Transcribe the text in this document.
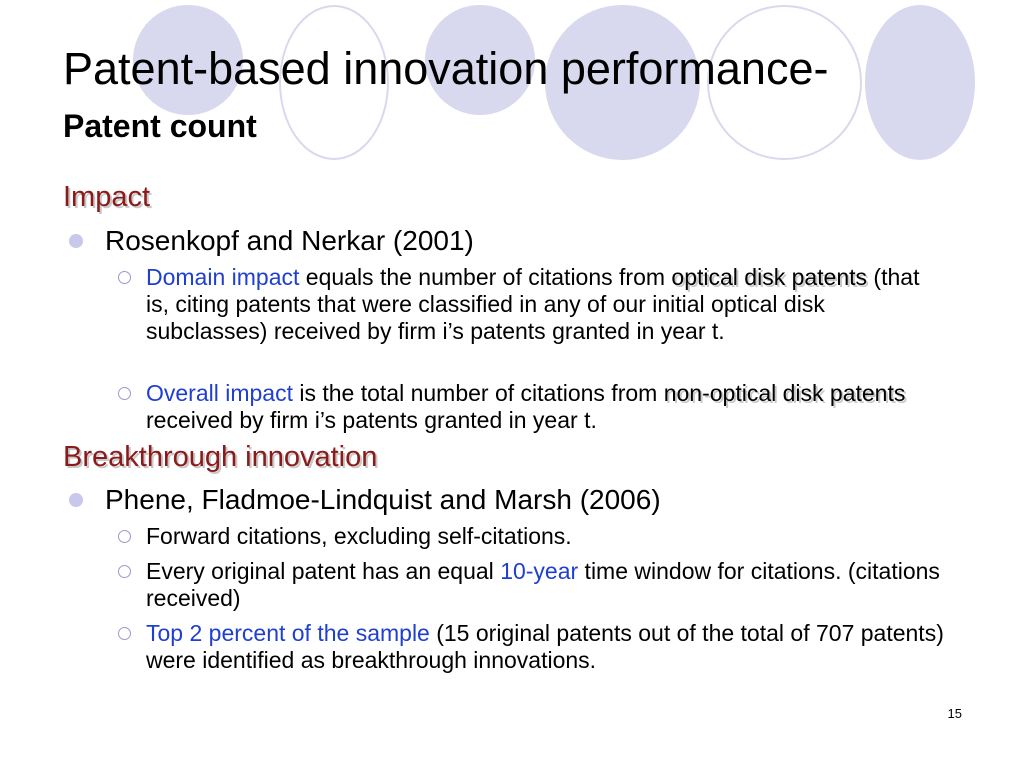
Patent-based innovation performance-
Patent count
Impact
Rosenkopf and Nerkar (2001)
Domain impact equals the number of citations from optical disk patents (that is, citing patents that were classified in any of our initial optical disk subclasses) received by firm i’s patents granted in year t.
Overall impact is the total number of citations from non-optical disk patents received by firm i’s patents granted in year t.
Breakthrough innovation
Phene, Fladmoe-Lindquist and Marsh (2006)
Forward citations, excluding self-citations.
Every original patent has an equal 10-year time window for citations. (citations received)
Top 2 percent of the sample (15 original patents out of the total of 707 patents) were identified as breakthrough innovations.
15
